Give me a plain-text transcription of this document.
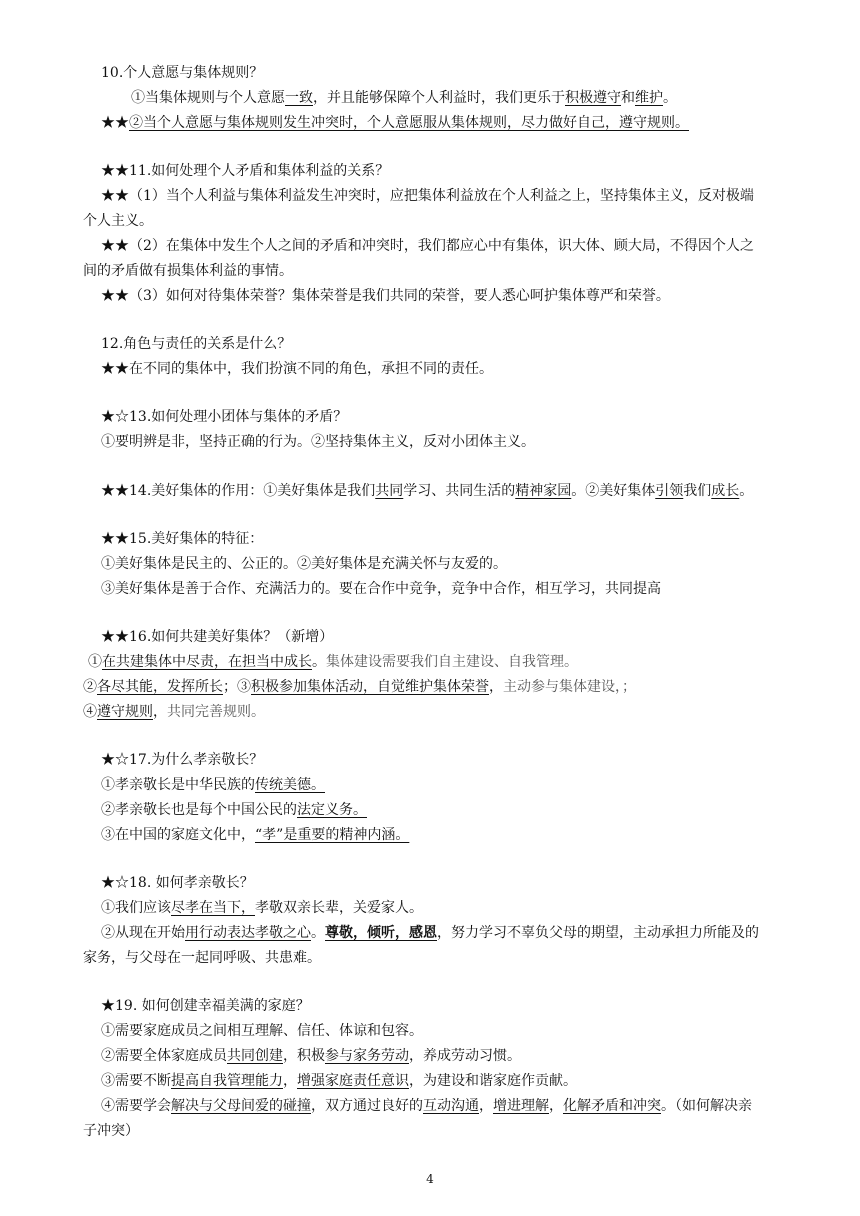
10.个人意愿与集体规则？
①当集体规则与个人意愿一致，并且能够保障个人利益时，我们更乐于积极遵守和维护。
★★②当个人意愿与集体规则发生冲突时，个人意愿服从集体规则，尽力做好自己，遵守规则。
★★11.如何处理个人矛盾和集体利益的关系？
★★（1）当个人利益与集体利益发生冲突时，应把集体利益放在个人利益之上，坚持集体主义，反对极端
个人主义。
★★（2）在集体中发生个人之间的矛盾和冲突时，我们都应心中有集体，识大体、顾大局，不得因个人之
间的矛盾做有损集体利益的事情。
★★（3）如何对待集体荣誉？集体荣誉是我们共同的荣誉，要人悉心呵护集体尊严和荣誉。
12.角色与责任的关系是什么？
★★在不同的集体中，我们扮演不同的角色，承担不同的责任。
★☆13.如何处理小团体与集体的矛盾？
①要明辨是非，坚持正确的行为。②坚持集体主义，反对小团体主义。
★★14.美好集体的作用：①美好集体是我们共同学习、共同生活的精神家园。②美好集体引领我们成长。
★★15.美好集体的特征：
①美好集体是民主的、公正的。②美好集体是充满关怀与友爱的。
③美好集体是善于合作、充满活力的。要在合作中竞争，竞争中合作，相互学习，共同提高
★★16.如何共建美好集体？（新增）
①在共建集体中尽责，在担当中成长。集体建设需要我们自主建设、自我管理。
②各尽其能，发挥所长；③积极参加集体活动，自觉维护集体荣誉，主动参与集体建设，；
④遵守规则，共同完善规则。
★☆17.为什么孝亲敬长？
①孝亲敬长是中华民族的传统美德。
②孝亲敬长也是每个中国公民的法定义务。
③在中国的家庭文化中，“孝”是重要的精神内涵。
★☆18. 如何孝亲敬长？
①我们应该尽孝在当下，孝敬双亲长辈，关爱家人。
②从现在开始用行动表达孝敬之心。尊敬，倾听，感恩，努力学习不辜负父母的期望，主动承担力所能及的
家务，与父母在一起同呼吸、共患难。
★19. 如何创建幸福美满的家庭？
①需要家庭成员之间相互理解、信任、体谅和包容。
②需要全体家庭成员共同创建，积极参与家务劳动，养成劳动习惯。
③需要不断提高自我管理能力，增强家庭责任意识，为建设和谐家庭作贡献。
④需要学会解决与父母间爱的碰撞，双方通过良好的互动沟通，增进理解，化解矛盾和冲突。（如何解决亲
子冲突）
4
